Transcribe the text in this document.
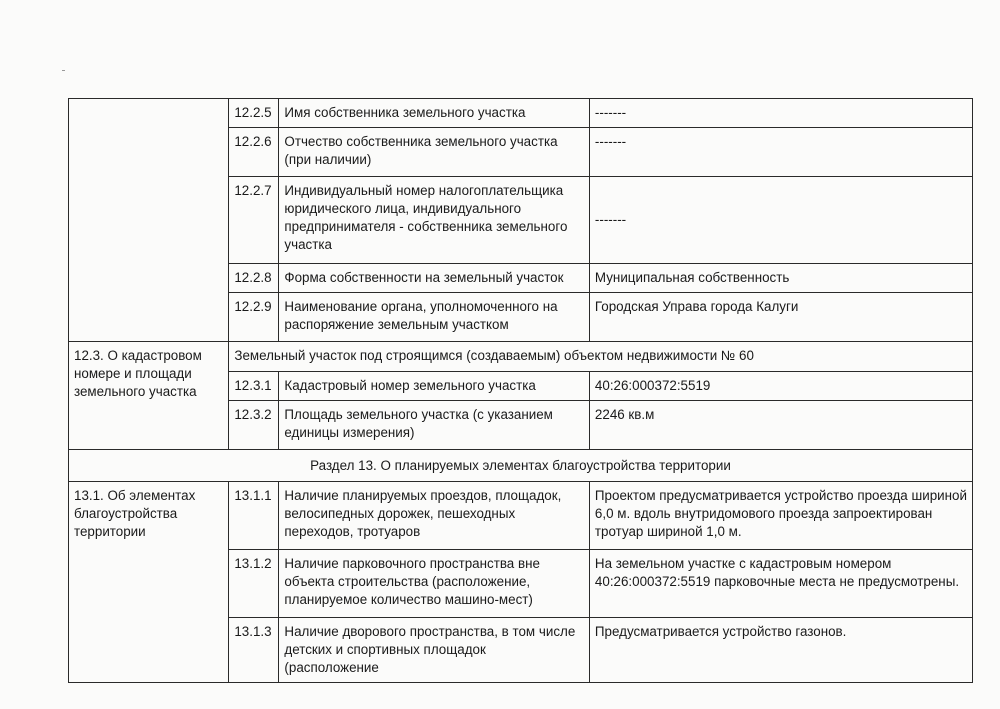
	12.2.5	Имя собственника земельного участка	-------
	12.2.6	Отчество собственника земельного участка (при наличии)	-------
	12.2.7	Индивидуальный номер налогоплательщика юридического лица, индивидуального предпринимателя - собственника земельного участка	-------
	12.2.8	Форма собственности на земельный участок	Муниципальная собственность
	12.2.9	Наименование органа, уполномоченного на распоряжение земельным участком	Городская Управа города Калуги
12.3. О кадастровом номере и площади земельного участка	Земельный участок под строящимся (создаваемым) объектом недвижимости № 60		
	12.3.1	Кадастровый номер земельного участка	40:26:000372:5519
	12.3.2	Площадь земельного участка (с указанием единицы измерения)	2246 кв.м
Раздел 13. О планируемых элементах благоустройства территории			
13.1. Об элементах благоустройства территории	13.1.1	Наличие планируемых проездов, площадок, велосипедных дорожек, пешеходных переходов, тротуаров	Проектом предусматривается устройство проезда шириной 6,0 м. вдоль внутридомового проезда запроектирован тротуар шириной 1,0 м.
	13.1.2	Наличие парковочного пространства вне объекта строительства (расположение, планируемое количество машино-мест)	На земельном участке с кадастровым номером 40:26:000372:5519 парковочные места не предусмотрены.
	13.1.3	Наличие дворового пространства, в том числе детских и спортивных площадок (расположение	Предусматривается устройство газонов.
